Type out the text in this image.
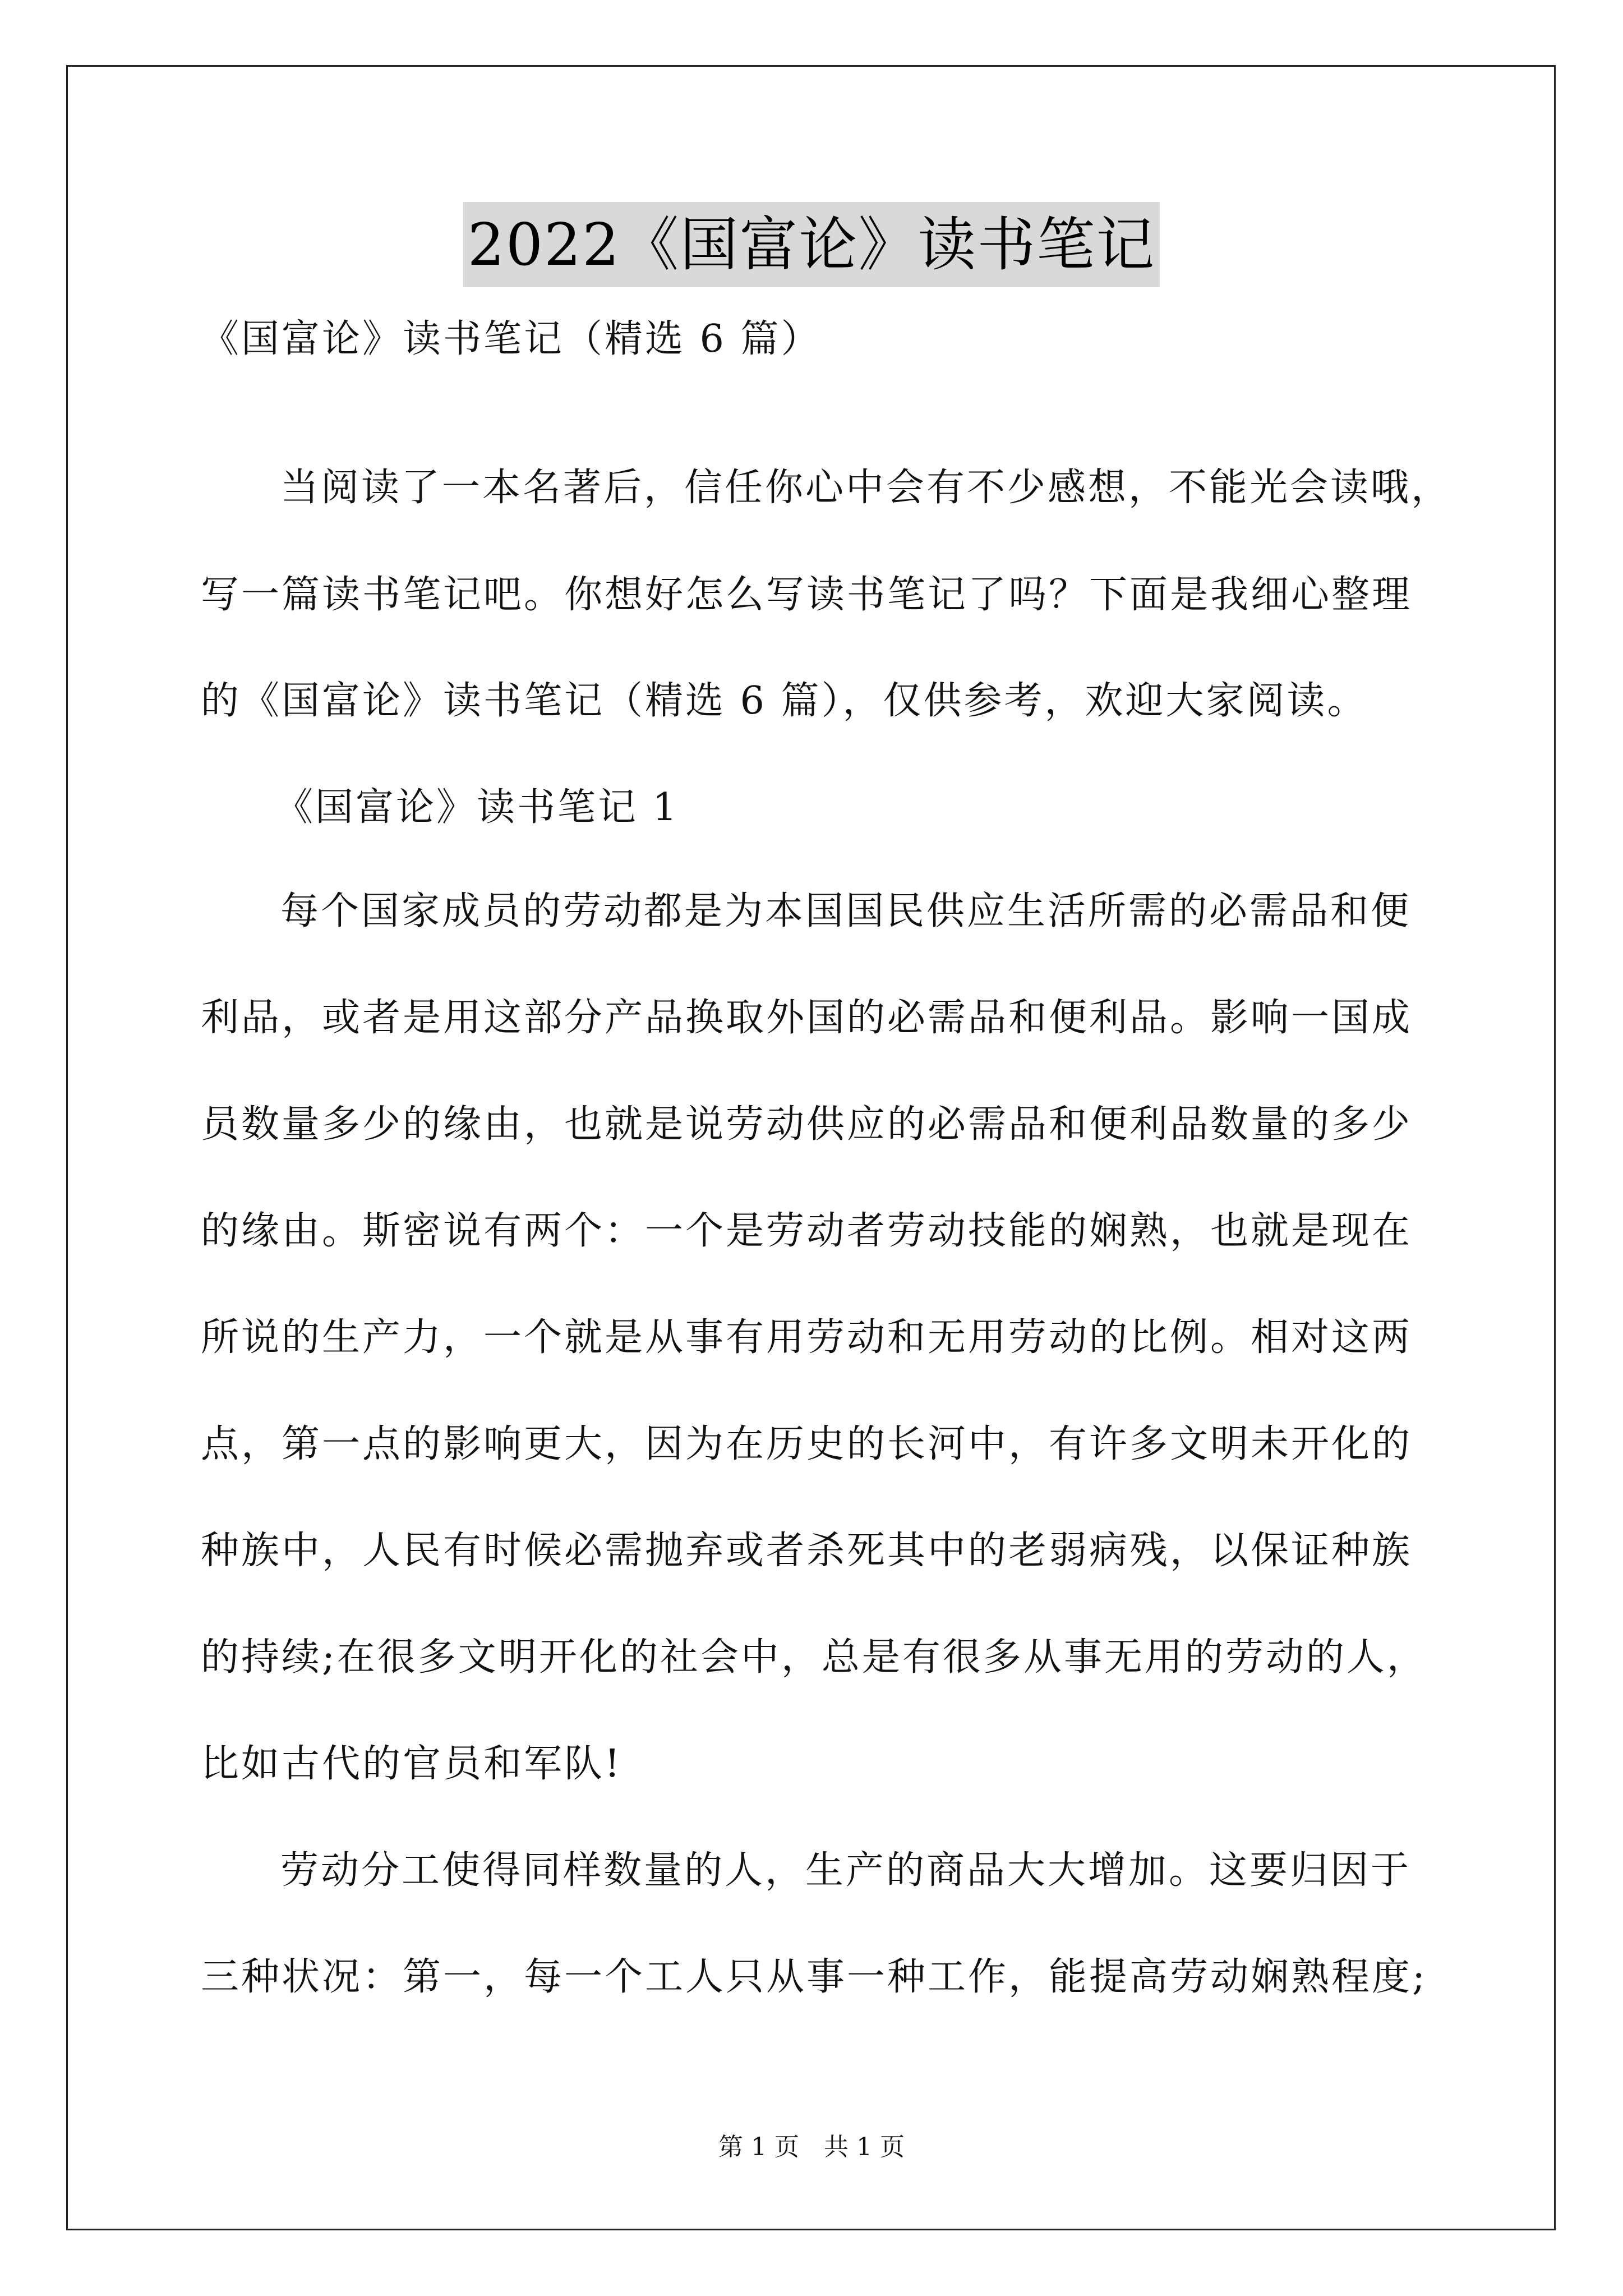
2022《国富论》读书笔记
《国富论》读书笔记（精选 6 篇）
当阅读了一本名著后，信任你心中会有不少感想，不能光会读哦，
写一篇读书笔记吧。你想好怎么写读书笔记了吗？下面是我细心整理
的《国富论》读书笔记（精选 6 篇），仅供参考，欢迎大家阅读。
《国富论》读书笔记 1
每个国家成员的劳动都是为本国国民供应生活所需的必需品和便
利品，或者是用这部分产品换取外国的必需品和便利品。影响一国成
员数量多少的缘由，也就是说劳动供应的必需品和便利品数量的多少
的缘由。斯密说有两个：一个是劳动者劳动技能的娴熟，也就是现在
所说的生产力，一个就是从事有用劳动和无用劳动的比例。相对这两
点，第一点的影响更大，因为在历史的长河中，有许多文明未开化的
种族中，人民有时候必需抛弃或者杀死其中的老弱病残，以保证种族
的持续;在很多文明开化的社会中，总是有很多从事无用的劳动的人，
比如古代的官员和军队!
劳动分工使得同样数量的人，生产的商品大大增加。这要归因于
三种状况：第一，每一个工人只从事一种工作，能提高劳动娴熟程度;
第 1 页　共 1 页
